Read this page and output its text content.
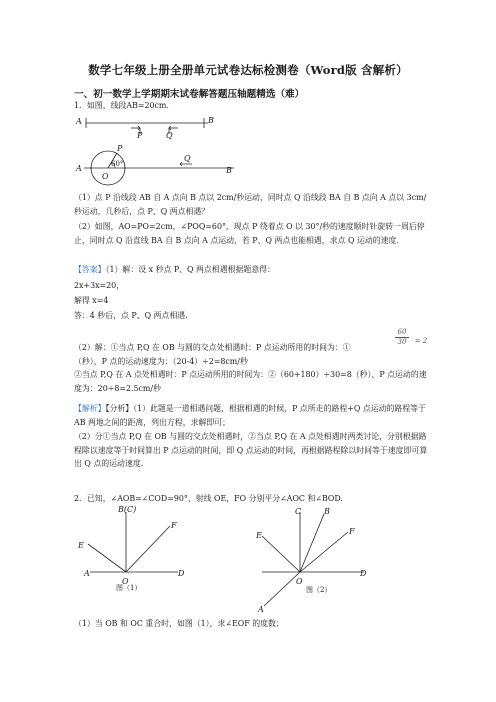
数学七年级上册全册单元试卷达标检测卷（Word版 含解析）
一、初一数学上学期期末试卷解答题压轴题精选（难）
1．如图，线段AB=20cm.
A	B
P	Q
A
O
P
Q
B
60°
（1）点 P 沿线段 AB 自 A 点向 B 点以 2cm/秒运动，同时点 Q 沿线段 BA 自 B 点向 A 点以 3cm/秒运动，几秒后，点 P、Q 两点相遇？
（2）如图，AO=PO=2cm，∠POQ=60°，现点 P 绕着点 O 以 30°/秒的速度顺时针旋转一周后停止，同时点 Q 沿直线 BA 自 B 点向 A 点运动，若 P、Q 两点也能相遇，求点 Q 运动的速度．
【答案】（1）解：设 x 秒点 P、Q 两点相遇根据题意得：
2x+3x=20，
解得 x=4
答：4 秒后，点 P、Q 两点相遇．
（2）解：①当点 P,Q 在 OB 与圆的交点处相遇时：P 点运动所用的时间为：①
$\frac{60}{30} = 2$
（秒），P 点的运动速度为：（20-4）÷2=8cm/秒
②当点 P,Q 在 A 点处相遇时：P 点运动所用的时间为：②（60+180）÷30=8（秒），P 点运动的速度为：20÷8=2.5cm/秒
【解析】【分析】（1）此题是一道相遇问题，根据相遇的时候，P 点所走的路程+Q 点运动的路程等于 AB 两地之间的距离，列出方程，求解即可；
（2）分①当点 P,Q 在 OB 与圆的交点处相遇时，②当点 P,Q 在 A 点处相遇时两类讨论，分别根据路程除以速度等于时间算出 P 点运动的时间，即 Q 点运动的时间，再根据路程除以时间等于速度即可算出 Q 点的运动速度．
2．已知，∠AOB=∠COD=90°，射线 OE，FO 分别平分∠AOC 和∠BOD.
B(C)
E
F
A
O
D
图（1）
C	B
E	F
O
D
A
图（2）
（1）当 OB 和 OC 重合时，如图（1），求∠EOF 的度数；
